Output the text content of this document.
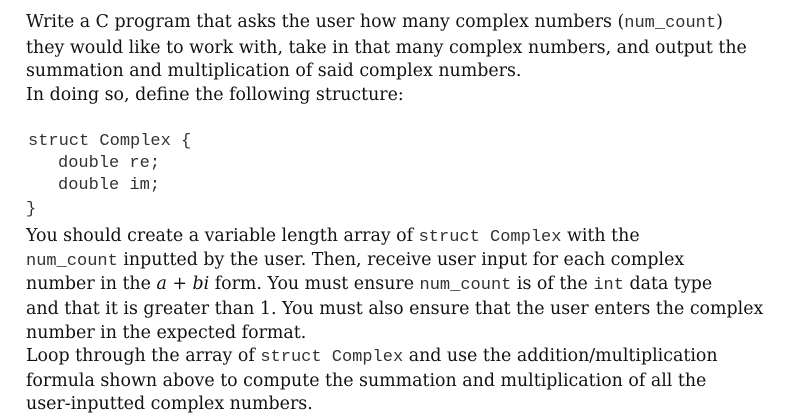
Write a C program that asks the user how many complex numbers (num_count)
they would like to work with, take in that many complex numbers, and output the
summation and multiplication of said complex numbers.
In doing so, define the following structure:
struct Complex {
double re;
double im;
}
You should create a variable length array of struct Complex with the
num_count inputted by the user. Then, receive user input for each complex
number in the a + bi form. You must ensure num_count is of the int data type
and that it is greater than 1. You must also ensure that the user enters the complex
number in the expected format.
Loop through the array of struct Complex and use the addition/multiplication
formula shown above to compute the summation and multiplication of all the
user-inputted complex numbers.
